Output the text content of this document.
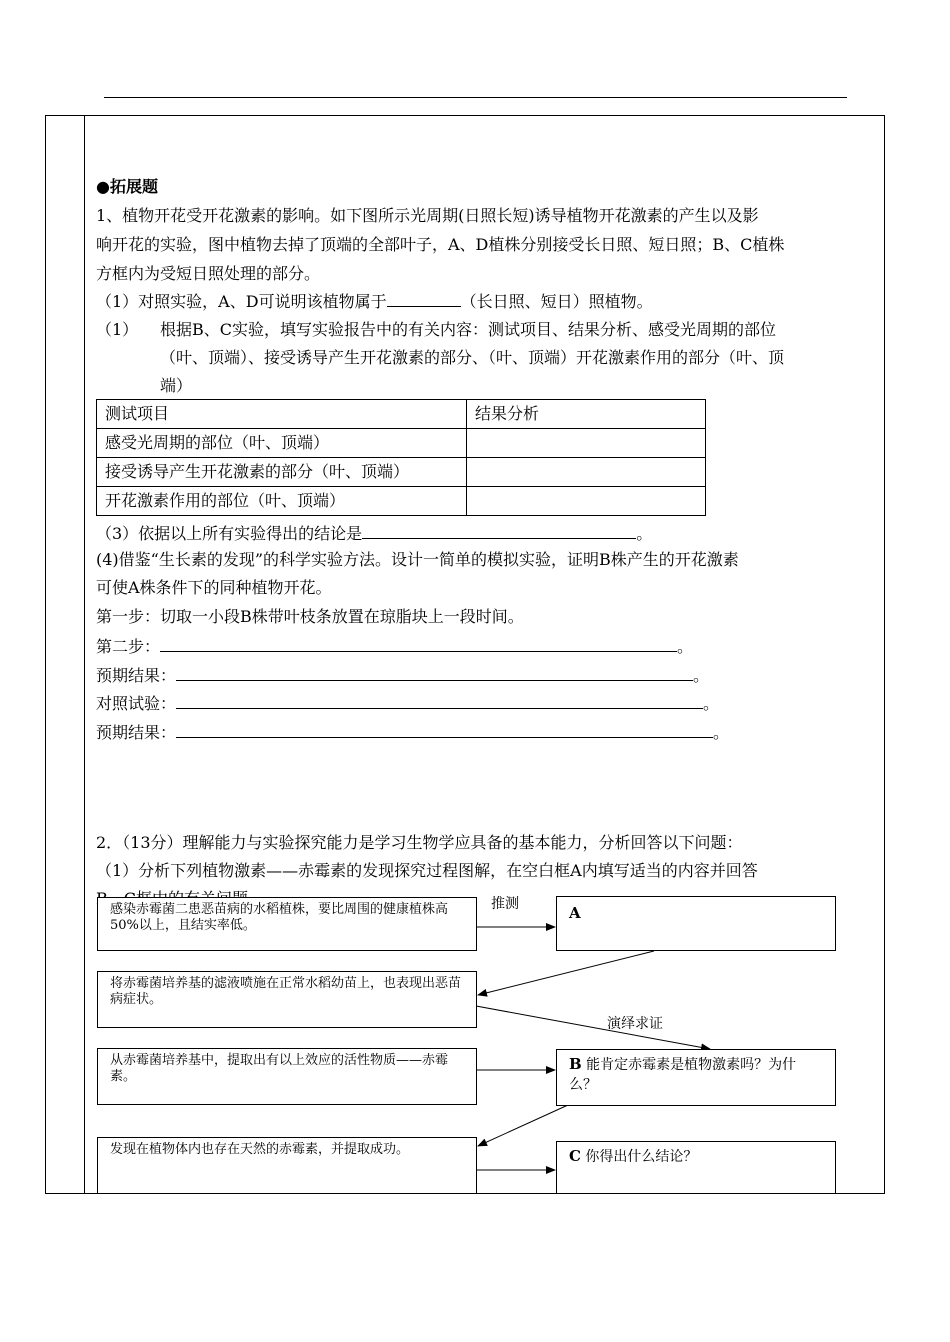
●拓展题
1、植物开花受开花激素的影响。如下图所示光周期(日照长短)诱导植物开花激素的产生以及影
响开花的实验，图中植物去掉了顶端的全部叶子，A、D植株分别接受长日照、短日照；B、C植株
方框内为受短日照处理的部分。
（1）对照实验，A、D可说明该植物属于	（长日照、短日）照植物。
（1） 根据B、C实验，填写实验报告中的有关内容：测试项目、结果分析、感受光周期的部位
（叶、顶端）、接受诱导产生开花激素的部分、（叶、顶端）开花激素作用的部分（叶、顶
端）
测试项目	结果分析
感受光周期的部位（叶、顶端）	
接受诱导产生开花激素的部分（叶、顶端）	
开花激素作用的部位（叶、顶端）	
（3）依据以上所有实验得出的结论是	。
(4)借鉴“生长素的发现”的科学实验方法。设计一简单的模拟实验，证明B株产生的开花激素
可使A株条件下的同种植物开花。
第一步：切取一小段B株带叶枝条放置在琼脂块上一段时间。
第二步：	。
预期结果：	。
对照试验：	。
预期结果：	。
2．（13分）理解能力与实验探究能力是学习生物学应具备的基本能力，分析回答以下问题：
（1）分析下列植物激素——赤霉素的发现探究过程图解，在空白框A内填写适当的内容并回答
推测
演绎求证
感染赤霉菌二患恶苗病的水稻植株，要比周围的健康植株高50%以上，且结实率低。
将赤霉菌培养基的滤液喷施在正常水稻幼苗上，也表现出恶苗病症状。
从赤霉菌培养基中，提取出有以上效应的活性物质——赤霉素。
发现在植物体内也存在天然的赤霉素，并提取成功。
A
B 能肯定赤霉素是植物激素吗？为什么？
C 你得出什么结论？
